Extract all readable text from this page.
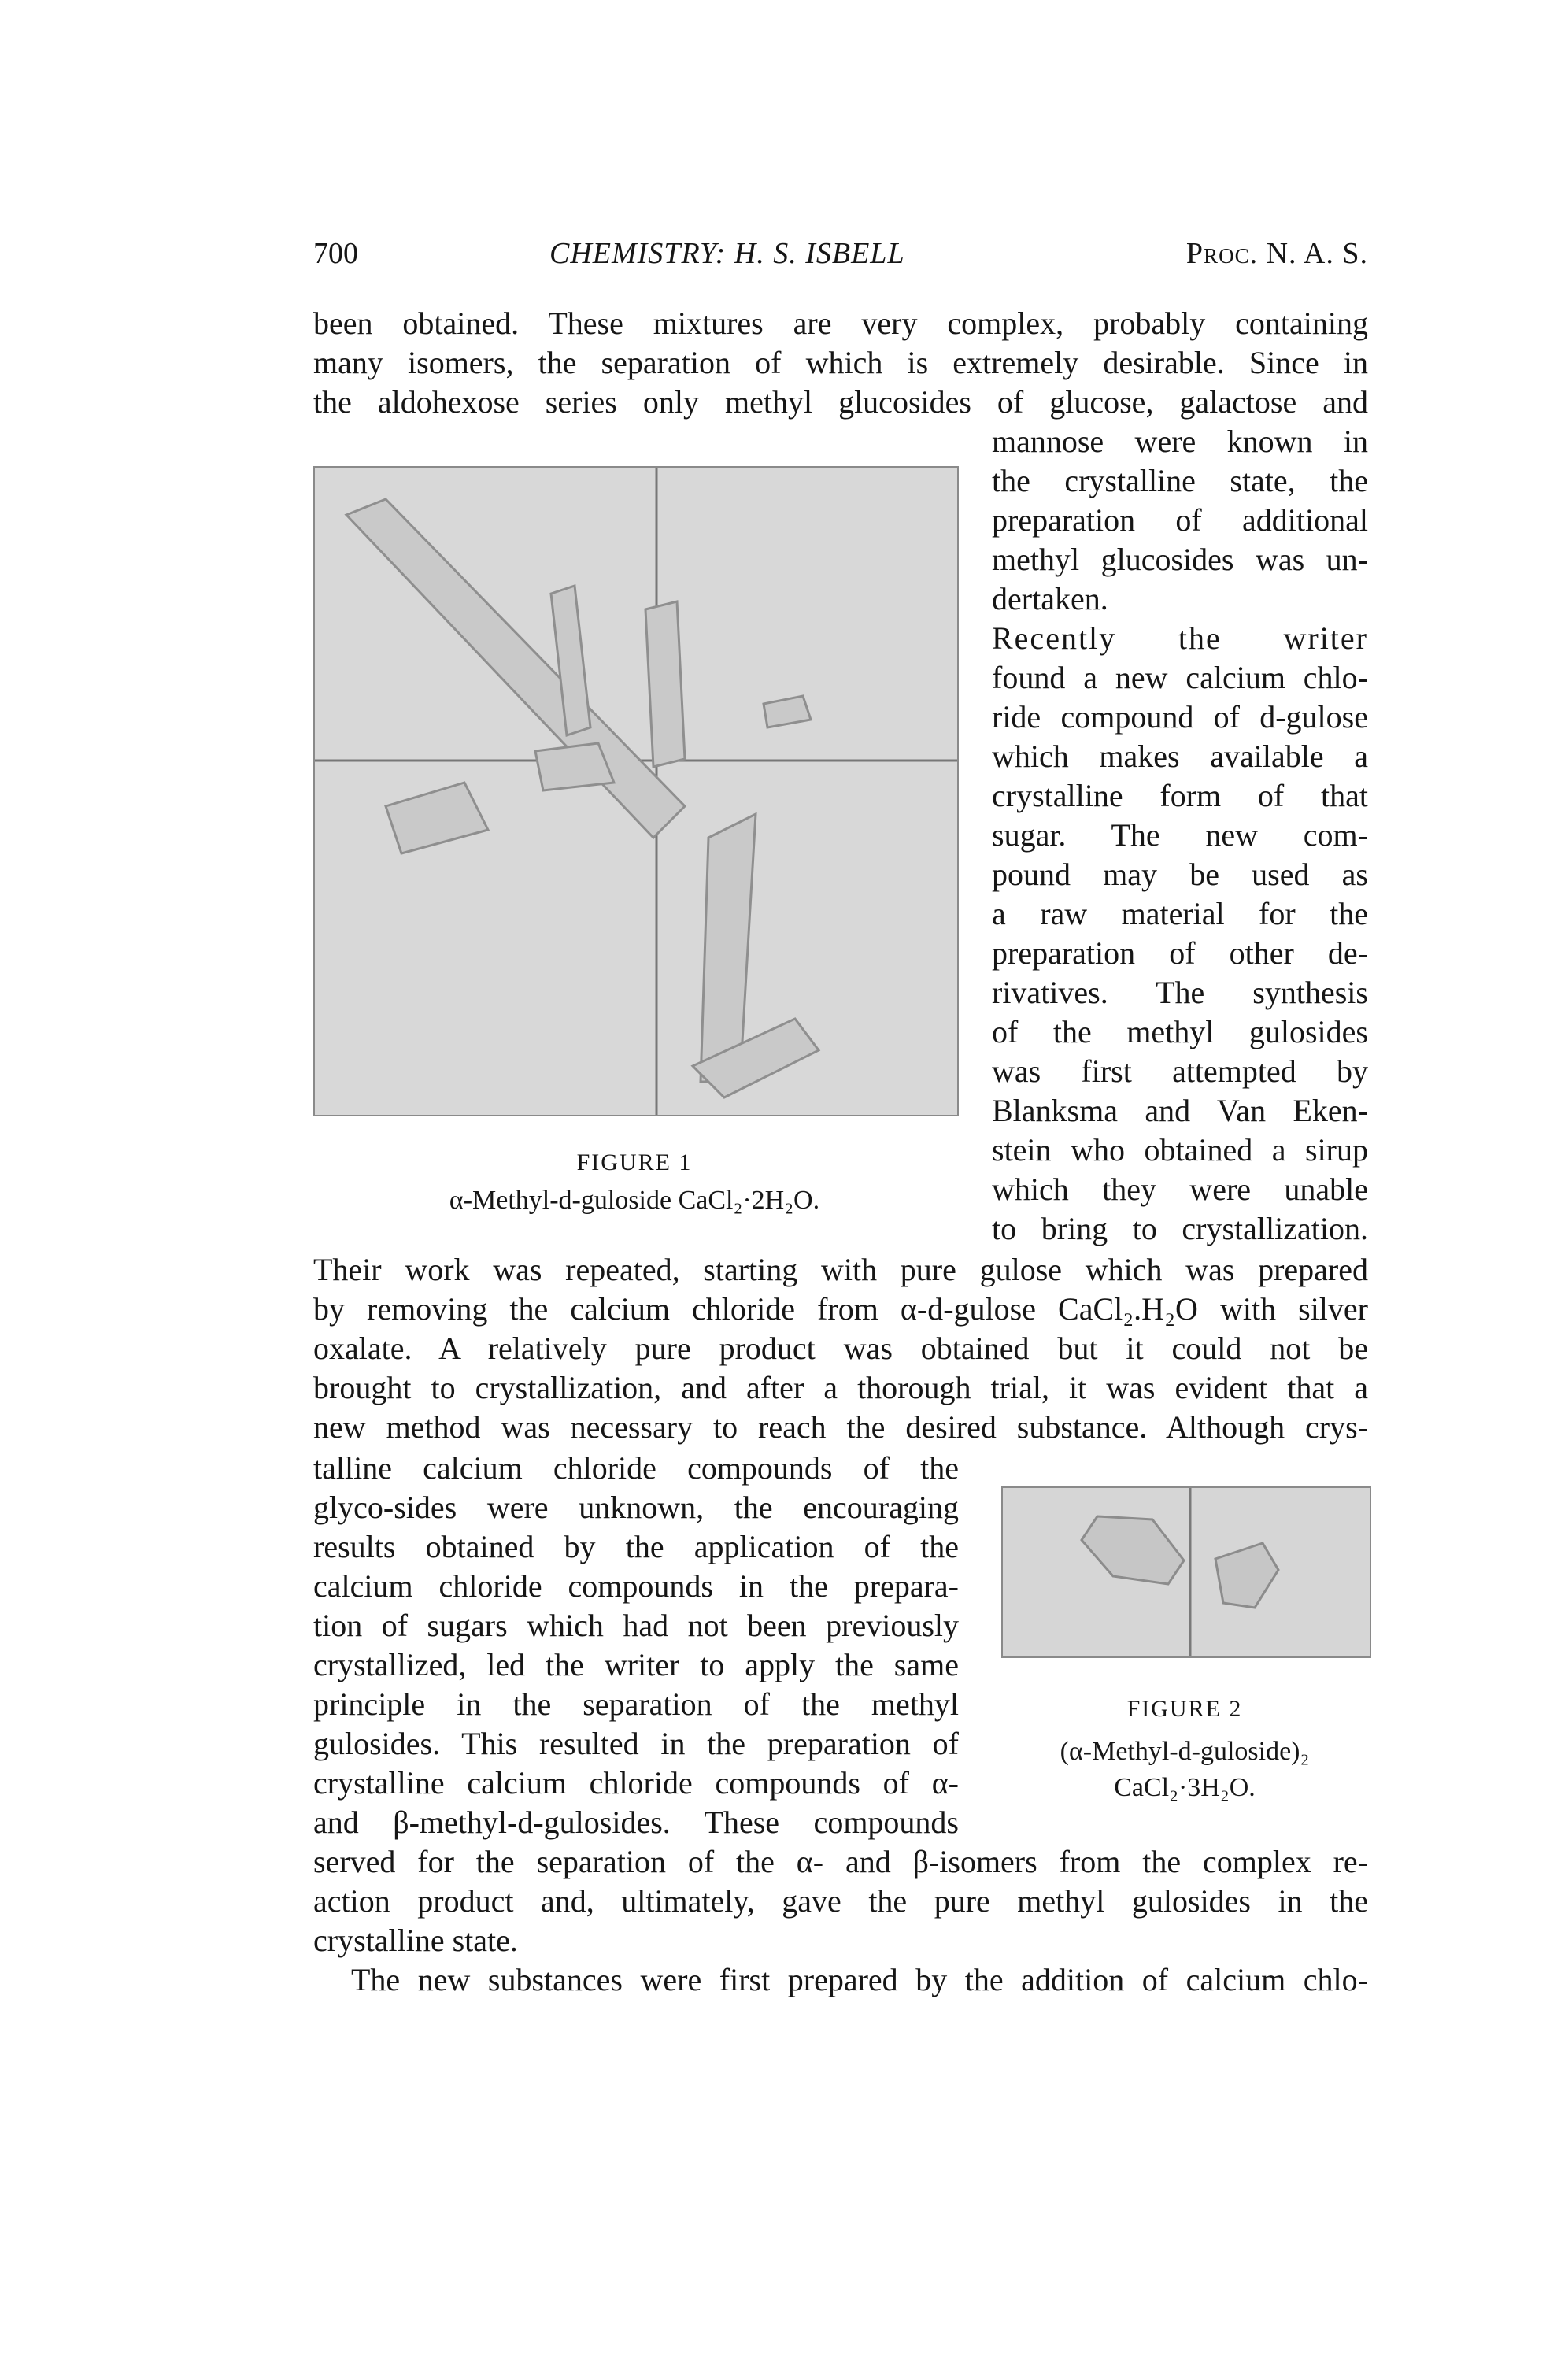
700	CHEMISTRY: H. S. ISBELL	Proc. N. A. S.
been obtained. These mixtures are very complex, probably containing
many isomers, the separation of which is extremely desirable. Since in
the aldohexose series only methyl glucosides of glucose, galactose and
FIGURE 1
α-Methyl-d-guloside CaCl₂·2H₂O.
mannose were known in
the crystalline state, the
preparation of additional
methyl glucosides was un-
dertaken.
Recently the writer
found a new calcium chlo-
ride compound of d-gulose
which makes available a
crystalline form of that
sugar. The new com-
pound may be used as
a raw material for the
preparation of other de-
rivatives. The synthesis
of the methyl gulosides
was first attempted by
Blanksma and Van Eken-
stein who obtained a sirup
which they were unable
to bring to crystallization.
Their work was repeated, starting with pure gulose which was prepared
by removing the calcium chloride from α-d-gulose CaCl₂.H₂O with silver
oxalate. A relatively pure product was obtained but it could not be
brought to crystallization, and after a thorough trial, it was evident that a
new method was necessary to reach the desired substance. Although crys-
talline calcium chloride compounds of the
glyco-sides were unknown, the encouraging
results obtained by the application of the
calcium chloride compounds in the prepara-
tion of sugars which had not been previously
crystallized, led the writer to apply the same
principle in the separation of the methyl
gulosides. This resulted in the preparation of
crystalline calcium chloride compounds of α-
and β-methyl-d-gulosides. These compounds
FIGURE 2
(α-Methyl-d-guloside)₂
CaCl₂·3H₂O.
served for the separation of the α- and β-isomers from the complex re-
action product and, ultimately, gave the pure methyl gulosides in the
crystalline state.
The new substances were first prepared by the addition of calcium chlo-
